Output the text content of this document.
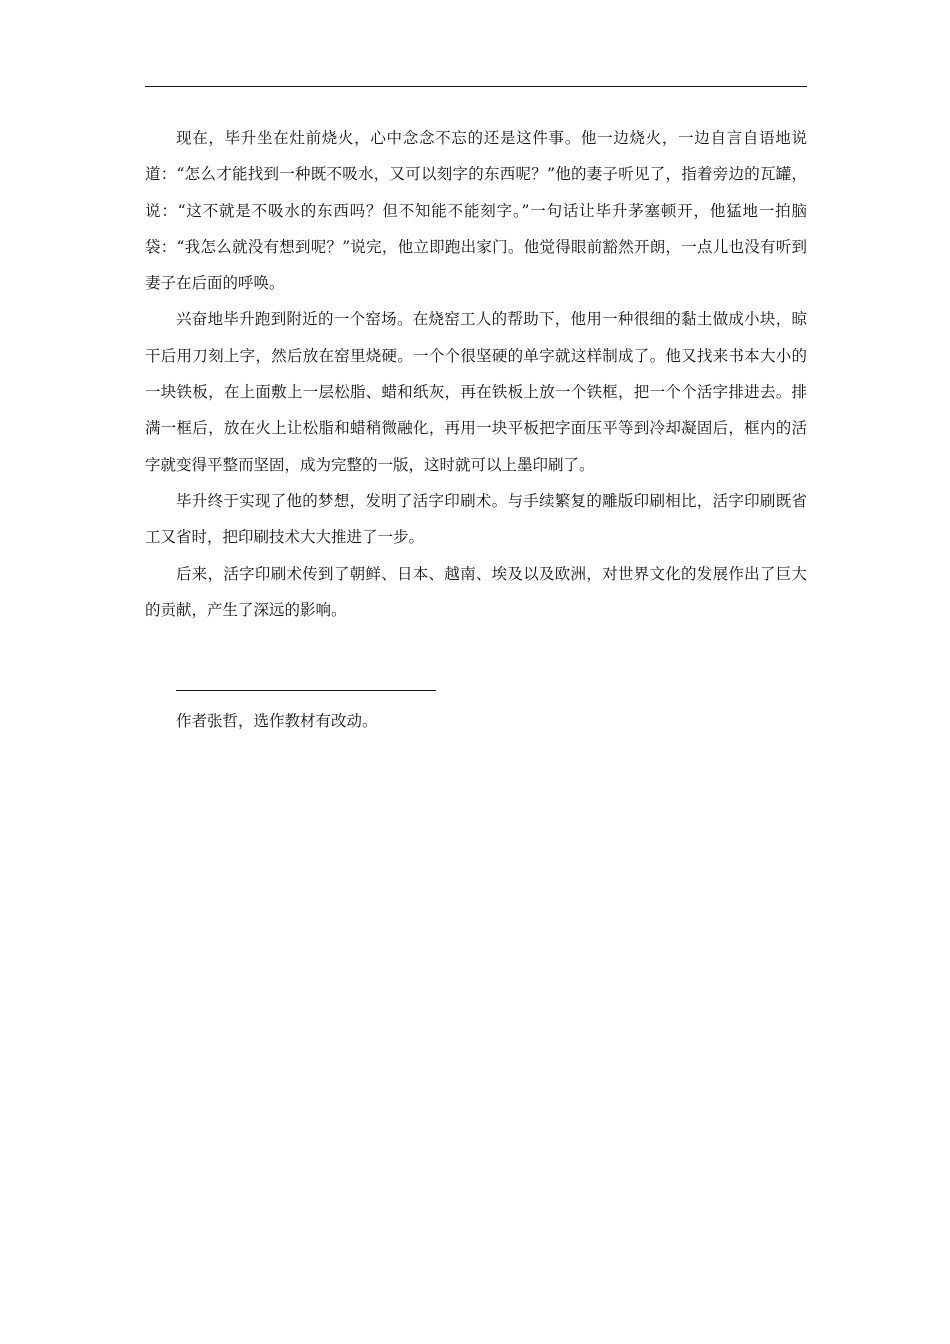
现在，毕升坐在灶前烧火，心中念念不忘的还是这件事。他一边烧火，一边自言自语地说道：“怎么才能找到一种既不吸水，又可以刻字的东西呢？”他的妻子听见了，指着旁边的瓦罐，说：“这不就是不吸水的东西吗？但不知能不能刻字。”一句话让毕升茅塞顿开，他猛地一拍脑袋：“我怎么就没有想到呢？”说完，他立即跑出家门。他觉得眼前豁然开朗，一点儿也没有听到妻子在后面的呼唤。

兴奋地毕升跑到附近的一个窑场。在烧窑工人的帮助下，他用一种很细的黏土做成小块，晾干后用刀刻上字，然后放在窑里烧硬。一个个很坚硬的单字就这样制成了。他又找来书本大小的一块铁板，在上面敷上一层松脂、蜡和纸灰，再在铁板上放一个铁框，把一个个活字排进去。排满一框后，放在火上让松脂和蜡稍微融化，再用一块平板把字面压平等到冷却凝固后，框内的活字就变得平整而坚固，成为完整的一版，这时就可以上墨印刷了。

毕升终于实现了他的梦想，发明了活字印刷术。与手续繁复的雕版印刷相比，活字印刷既省工又省时，把印刷技术大大推进了一步。

后来，活字印刷术传到了朝鲜、日本、越南、埃及以及欧洲，对世界文化的发展作出了巨大的贡献，产生了深远的影响。

作者张哲，选作教材有改动。
